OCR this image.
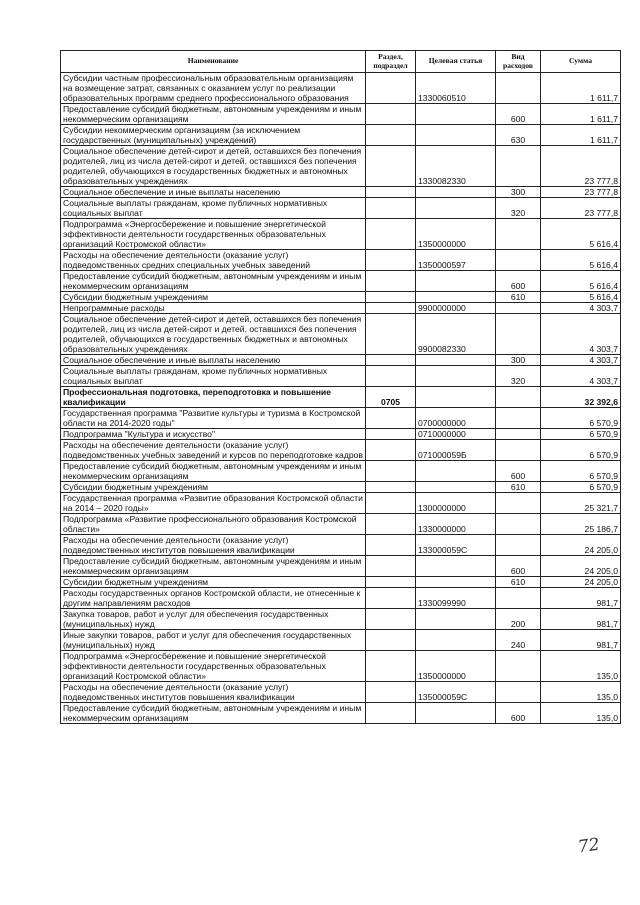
Наименование	Раздел, подраздел	Целевая статья	Вид расходов	Сумма
Субсидии частным профессиональным образовательным организациям на возмещение затрат, связанных с оказанием услуг по реализации образовательных программ среднего профессионального образования		1330060510		1 611,7
Предоставление субсидий бюджетным, автономным учреждениям и иным некоммерческим организациям			600	1 611,7
Субсидии некоммерческим организациям (за исключением государственных (муниципальных) учреждений)			630	1 611,7
Социальное обеспечение детей-сирот и детей, оставшихся без попечения родителей, лиц из числа детей-сирот и детей, оставшихся без попечения родителей, обучающихся в государственных бюджетных и автономных образовательных учреждениях		1330082330		23 777,8
Социальное обеспечение и иные выплаты населению			300	23 777,8
Социальные выплаты гражданам, кроме публичных нормативных социальных выплат			320	23 777,8
Подпрограмма «Энергосбережение и повышение энергетической эффективности деятельности государственных образовательных организаций Костромской области»		1350000000		5 616,4
Расходы на обеспечение деятельности (оказание услуг) подведомственных средних специальных учебных заведений		1350000597		5 616,4
Предоставление субсидий бюджетным, автономным учреждениям и иным некоммерческим организациям			600	5 616,4
Субсидии бюджетным учреждениям			610	5 616,4
Непрограммные расходы		9900000000		4 303,7
Социальное обеспечение детей-сирот и детей, оставшихся без попечения родителей, лиц из числа детей-сирот и детей, оставшихся без попечения родителей, обучающихся в государственных бюджетных и автономных образовательных учреждениях		9900082330		4 303,7
Социальное обеспечение и иные выплаты населению			300	4 303,7
Социальные выплаты гражданам, кроме публичных нормативных социальных выплат			320	4 303,7
Профессиональная подготовка, переподготовка и повышение квалификации	0705			32 392,6
Государственная программа "Развитие культуры и туризма в Костромской области на 2014-2020 годы"		0700000000		6 570,9
Подпрограмма "Культура и искусство"		0710000000		6 570,9
Расходы на обеспечение деятельности (оказание услуг) подведомственных учебных заведений и курсов по переподготовке кадров		071000059Б		6 570,9
Предоставление субсидий бюджетным, автономным учреждениям и иным некоммерческим организациям			600	6 570,9
Субсидии бюджетным учреждениям			610	6 570,9
Государственная программа «Развитие образования Костромской области на 2014 – 2020 годы»		1300000000		25 321,7
Подпрограмма «Развитие профессионального образования Костромской области»		1330000000		25 186,7
Расходы на обеспечение деятельности (оказание услуг) подведомственных институтов повышения квалификации		133000059С		24 205,0
Предоставление субсидий бюджетным, автономным учреждениям и иным некоммерческим организациям			600	24 205,0
Субсидии бюджетным учреждениям			610	24 205,0
Расходы государственных органов Костромской области, не отнесенные к другим направлениям расходов		1330099990		981,7
Закупка товаров, работ и услуг для обеспечения государственных (муниципальных) нужд			200	981,7
Иные закупки товаров, работ и услуг для обеспечения государственных (муниципальных) нужд			240	981,7
Подпрограмма «Энергосбережение и повышение энергетической эффективности деятельности государственных образовательных организаций Костромской области»		1350000000		135,0
Расходы на обеспечение деятельности (оказание услуг) подведомственных институтов повышения квалификации		135000059С		135,0
Предоставление субсидий бюджетным, автономным учреждениям и иным некоммерческим организациям			600	135,0
72
